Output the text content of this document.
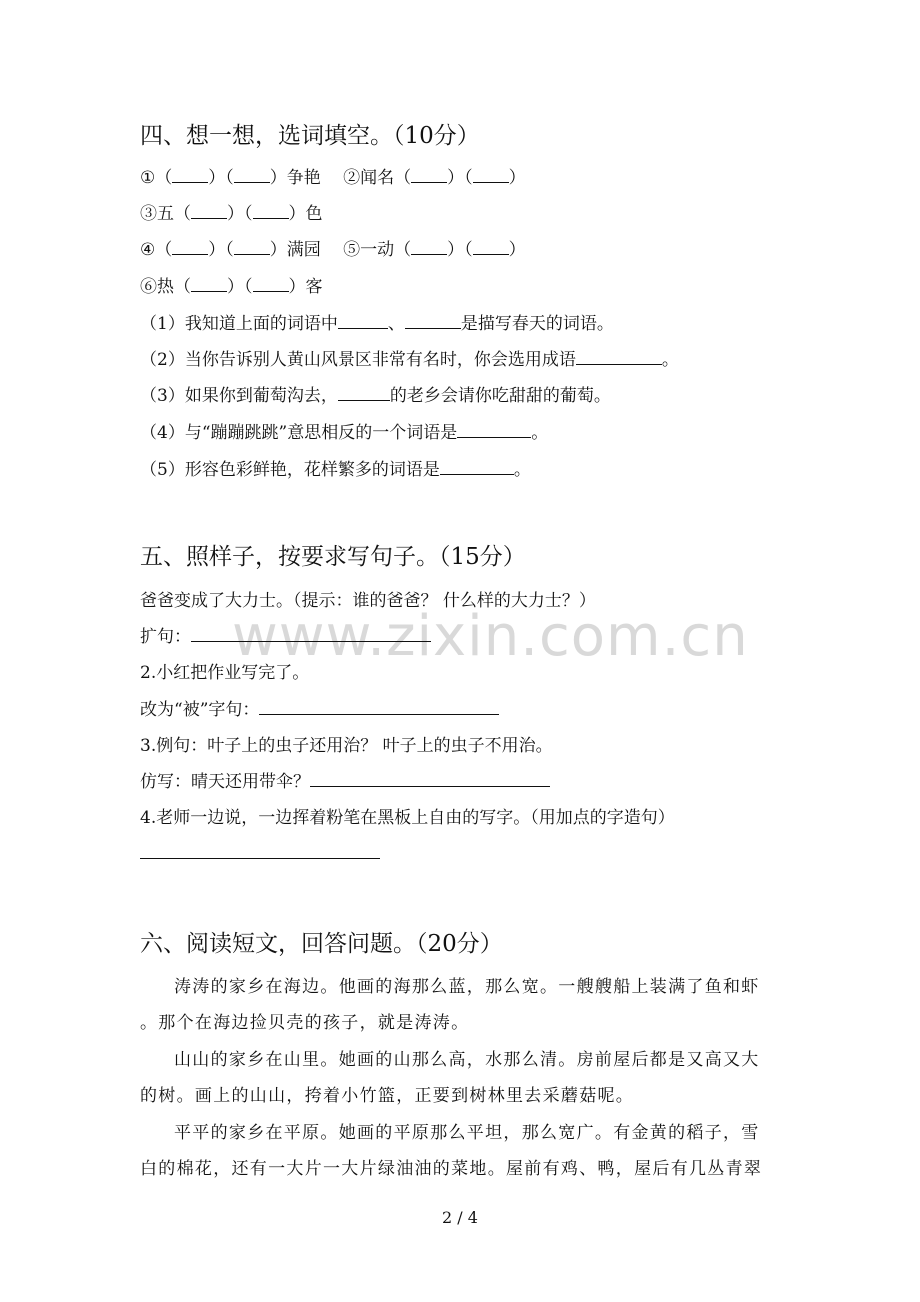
www.zixin.com.cn
四、想一想，选词填空。（10分）
①（ ）（ ）争艳　 ②闻名（ ）（ ）
③五（ ）（ ）色
④（ ）（ ）满园　 ⑤一动（ ）（ ）
⑥热（ ）（ ）客
（1）我知道上面的词语中	、	是描写春天的词语。
（2）当你告诉别人黄山风景区非常有名时，你会选用成语	。
（3）如果你到葡萄沟去，	的老乡会请你吃甜甜的葡萄。
（4）与“蹦蹦跳跳”意思相反的一个词语是	。
（5）形容色彩鲜艳，花样繁多的词语是	。
五、照样子，按要求写句子。（15分）
爸爸变成了大力士。（提示：谁的爸爸？ 什么样的大力士？）
扩句：
2.小红把作业写完了。
改为“被”字句：
3.例句：叶子上的虫子还用治？ 叶子上的虫子不用治。
仿写：晴天还用带伞？
4.老师一边说，一边挥着粉笔在黑板上自由的写字。（用加点的字造句）
六、阅读短文，回答问题。（20分）
涛涛的家乡在海边。他画的海那么蓝，那么宽。一艘艘船上装满了鱼和虾
。那个在海边捡贝壳的孩子，就是涛涛。
山山的家乡在山里。她画的山那么高，水那么清。房前屋后都是又高又大
的树。画上的山山，挎着小竹篮，正要到树林里去采蘑菇呢。
平平的家乡在平原。她画的平原那么平坦，那么宽广。有金黄的稻子，雪
白的棉花，还有一大片一大片绿油油的菜地。屋前有鸡、鸭，屋后有几丛青翠
2 / 4
